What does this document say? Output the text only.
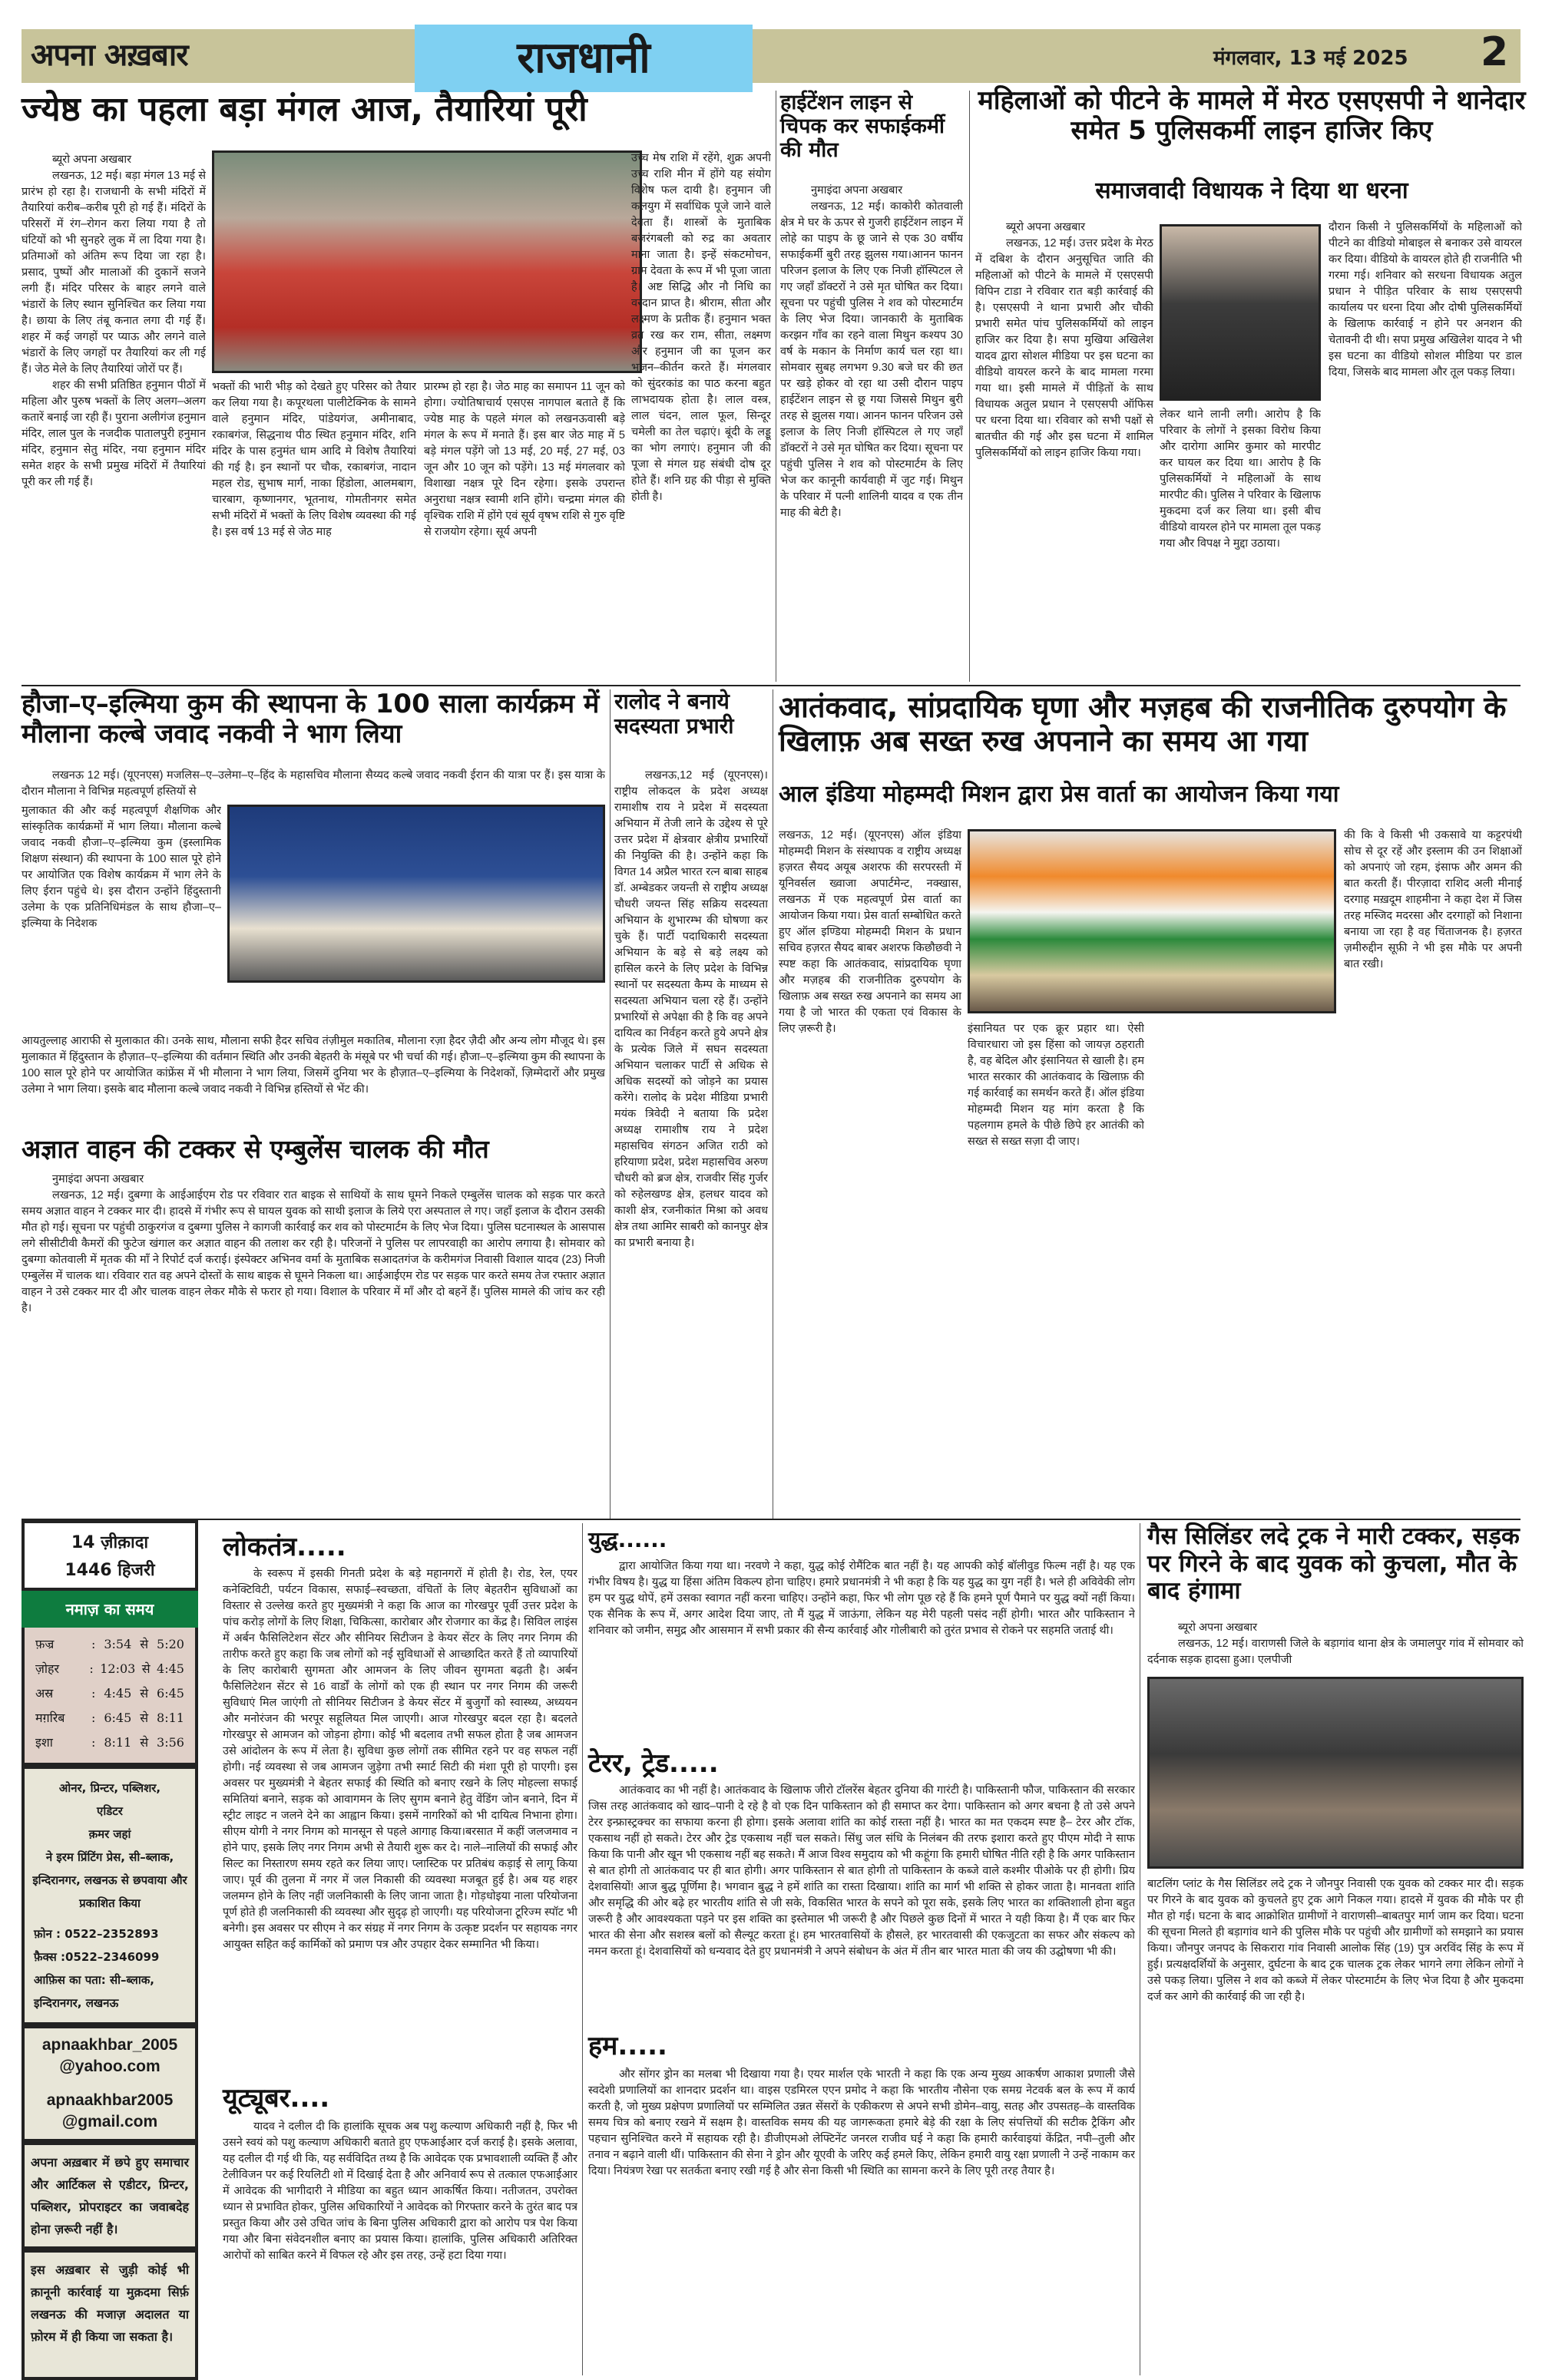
अपना अख़बार	राजधानी	मंगलवार, 13 मई 2025 2
ज्येष्ठ का पहला बड़ा मंगल आज, तैयारियां पूरी
ब्यूरो अपना अखबार
लखनऊ, 12 मई। बड़ा मंगल 13 मई से प्रारंभ हो रहा है। राजधानी के सभी मंदिरों में तैयारियां करीब–करीब पूरी हो गई हैं। मंदिरों के परिसरों में रंग–रोगन करा लिया गया है तो घंटियों को भी सुनहरे लुक में ला दिया गया है। प्रतिमाओं को अंतिम रूप दिया जा रहा है। प्रसाद, पुष्पों और मालाओं की दुकानें सजने लगी हैं। मंदिर परिसर के बाहर लगने वाले भंडारों के लिए स्थान सुनिश्चित कर लिया गया है। छाया के लिए तंबू कनात लगा दी गई हैं। शहर में कई जगहों पर प्याऊ और लगने वाले भंडारों के लिए जगहों पर तैयारियां कर ली गई हैं। जेठ मेले के लिए तैयारियां जोरों पर हैं।
शहर की सभी प्रतिष्ठित हनुमान पीठों में महिला और पुरुष भक्तों के लिए अलग–अलग कतारें बनाई जा रही हैं। पुराना अलीगंज हनुमान मंदिर, लाल पुल के नजदीक पातालपुरी हनुमान मंदिर, हनुमान सेतु मंदिर, नया हनुमान मंदिर समेत शहर के सभी प्रमुख मंदिरों में तैयारियां पूरी कर ली गई हैं।
भक्तों की भारी भीड़ को देखते हुए परिसर को तैयार कर लिया गया है। कपूरथला पालीटेक्निक के सामने वाले हनुमान मंदिर, पांडेयगंज, अमीनाबाद, रकाबगंज, सिद्धनाथ पीठ स्थित हनुमान मंदिर, शनि मंदिर के पास हनुमंत धाम आदि मे विशेष तैयारियां की गई है। इन स्थानों पर चौक, रकाबगंज, नादान महल रोड, सुभाष मार्ग, नाका हिंडोला, आलमबाग, चारबाग, कृष्णानगर, भूतनाथ, गोमतीनगर समेत सभी मंदिरों में भक्तों के लिए विशेष व्यवस्था की गई है। इस वर्ष 13 मई से जेठ माह
प्रारम्भ हो रहा है। जेठ माह का समापन 11 जून को होगा। ज्योतिषाचार्य एसएस नागपाल बताते हैं कि ज्येष्ठ माह के पहले मंगल को लखनऊवासी बड़े मंगल के रूप में मनाते हैं। इस बार जेठ माह में 5 बड़े मंगल पड़ेंगे जो 13 मई, 20 मई, 27 मई, 03 जून और 10 जून को पड़ेंगे। 13 मई मंगलवार को विशाखा नक्षत्र पूरे दिन रहेगा। इसके उपरान्त अनुराधा नक्षत्र स्वामी शनि होंगे। चन्द्रमा मंगल की वृश्चिक राशि में होंगे एवं सूर्य वृषभ राशि से गुरु वृष्टि से राजयोग रहेगा। सूर्य अपनी
उच्च मेष राशि में रहेंगे, शुक्र अपनी उच्च राशि मीन में होंगे यह संयोग विशेष फल दायी है। हनुमान जी कलयुग में सर्वाधिक पूजे जाने वाले देवता हैं। शास्त्रों के मुताबिक बजरंगबली को रुद्र का अवतार माना जाता है। इन्हें संकटमोचन, ग्राम देवता के रूप में भी पूजा जाता है। अष्ट सिद्धि और नौ निधि का वरदान प्राप्त है। श्रीराम, सीता और लक्ष्मण के प्रतीक हैं। हनुमान भक्त व्रत रख कर राम, सीता, लक्ष्मण और हनुमान जी का पूजन कर भजन–कीर्तन करते हैं। मंगलवार को सुंदरकांड का पाठ करना बहुत लाभदायक होता है। लाल वस्त्र, लाल चंदन, लाल फूल, सिन्दूर चमेली का तेल चढ़ाएं। बूंदी के लड्डू का भोग लगाएं। हनुमान जी की पूजा से मंगल ग्रह संबंधी दोष दूर होते हैं। शनि ग्रह की पीड़ा से मुक्ति होती है।
हाईटेंशन लाइन से चिपक कर सफाईकर्मी की मौत
नुमाइंदा अपना अखबार
लखनऊ, 12 मई। काकोरी कोतवाली क्षेत्र मे घर के ऊपर से गुजरी हाईटेंशन लाइन में लोहे का पाइप के छू जाने से एक 30 वर्षीय सफाईकर्मी बुरी तरह झुलस गया।आनन फानन परिजन इलाज के लिए एक निजी हॉस्पिटल ले गए जहाँ डॉक्टरों ने उसे मृत घोषित कर दिया।सूचना पर पहुंची पुलिस ने शव को पोस्टमार्टम के लिए भेज दिया। जानकारी के मुताबिक करझन गाँव का रहने वाला मिथुन कश्यप 30 वर्ष के मकान के निर्माण कार्य चल रहा था। सोमवार सुबह लगभग 9.30 बजे घर की छत पर खड़े होकर वो रहा था उसी दौरान पाइप हाईटेंशन लाइन से छू गया जिससे मिथुन बुरी तरह से झुलस गया। आनन फानन परिजन उसे इलाज के लिए निजी हॉस्पिटल ले गए जहाँ डॉक्टरों ने उसे मृत घोषित कर दिया। सूचना पर पहुंची पुलिस ने शव को पोस्टमार्टम के लिए भेज कर कानूनी कार्यवाही में जुट गई। मिथुन के परिवार में पत्नी शालिनी यादव व एक तीन माह की बेटी है।
महिलाओं को पीटने के मामले में मेरठ एसएसपी ने थानेदार समेत 5 पुलिसकर्मी लाइन हाजिर किए
समाजवादी विधायक ने दिया था धरना
ब्यूरो अपना अखबार
लखनऊ, 12 मई। उत्तर प्रदेश के मेरठ में दबिश के दौरान अनुसूचित जाति की महिलाओं को पीटने के मामले में एसएसपी विपिन टाडा ने रविवार रात बड़ी कार्रवाई की है। एसएसपी ने थाना प्रभारी और चौकी प्रभारी समेत पांच पुलिसकर्मियों को लाइन हाजिर कर दिया है। सपा मुखिया अखिलेश यादव द्वारा सोशल मीडिया पर इस घटना का वीडियो वायरल करने के बाद मामला गरमा गया था। इसी मामले में पीड़ितों के साथ विधायक अतुल प्रधान ने एसएसपी ऑफिस पर धरना दिया था। रविवार को सभी पक्षों से बातचीत की गई और इस घटना में शामिल पुलिसकर्मियों को लाइन हाजिर किया गया।
लेकर थाने लानी लगी। आरोप है कि परिवार के लोगों ने इसका विरोध किया और दारोगा आमिर कुमार को मारपीट कर घायल कर दिया था। आरोप है कि पुलिसकर्मियों ने महिलाओं के साथ मारपीट की। पुलिस ने परिवार के खिलाफ मुकदमा दर्ज कर लिया था। इसी बीच वीडियो वायरल होने पर मामला तूल पकड़ गया और विपक्ष ने मुद्दा उठाया।
दौरान किसी ने पुलिसकर्मियों के महिलाओं को पीटने का वीडियो मोबाइल से बनाकर उसे वायरल कर दिया। वीडियो के वायरल होते ही राजनीति भी गरमा गई। शनिवार को सरधना विधायक अतुल प्रधान ने पीड़ित परिवार के साथ एसएसपी कार्यालय पर धरना दिया और दोषी पुलिसकर्मियों के खिलाफ कार्रवाई न होने पर अनशन की चेतावनी दी थी। सपा प्रमुख अखिलेश यादव ने भी इस घटना का वीडियो सोशल मीडिया पर डाल दिया, जिसके बाद मामला और तूल पकड़ लिया।
हौजा–ए–इल्मिया कुम की स्थापना के 100 साला कार्यक्रम में मौलाना कल्बे जवाद नकवी ने भाग लिया
लखनऊ 12 मई। (यूएनएस) मजलिस–ए–उलेमा–ए–हिंद के महासचिव मौलाना सैय्यद कल्बे जवाद नकवी ईरान की यात्रा पर हैं। इस यात्रा के दौरान मौलाना ने विभिन्न महत्वपूर्ण हस्तियों से
मुलाकात की और कई महत्वपूर्ण शैक्षणिक और सांस्कृतिक कार्यक्रमों में भाग लिया। मौलाना कल्बे जवाद नकवी हौजा–ए–इल्मिया कुम (इस्लामिक शिक्षण संस्थान) की स्थापना के 100 साल पूरे होने पर आयोजित एक विशेष कार्यक्रम में भाग लेने के लिए ईरान पहुंचे थे। इस दौरान उन्होंने हिंदुस्तानी उलेमा के एक प्रतिनिधिमंडल के साथ हौजा–ए–इल्मिया के निदेशक
आयतुल्लाह आराफी से मुलाकात की। उनके साथ, मौलाना सफी हैदर सचिव तंज़ीमुल मकातिब, मौलाना रज़ा हैदर ज़ैदी और अन्य लोग मौजूद थे। इस मुलाकात में हिंदुस्तान के हौज़ात–ए–इल्मिया की वर्तमान स्थिति और उनकी बेहतरी के मंसूबे पर भी चर्चा की गई। हौजा–ए–इल्मिया कुम की स्थापना के 100 साल पूरे होने पर आयोजित कांफ्रेंस में भी मौलाना ने भाग लिया, जिसमें दुनिया भर के हौज़ात–ए–इल्मिया के निदेशकों, ज़िम्मेदारों और प्रमुख उलेमा ने भाग लिया। इसके बाद मौलाना कल्बे जवाद नकवी ने विभिन्न हस्तियों से भेंट की।
रालोद ने बनाये सदस्यता प्रभारी
लखनऊ,12 मई (यूएनएस)। राष्ट्रीय लोकदल के प्रदेश अध्यक्ष रामाशीष राय ने प्रदेश में सदस्यता अभियान में तेजी लाने के उद्देश्य से पूरे उत्तर प्रदेश में क्षेत्रवार क्षेत्रीय प्रभारियों की नियुक्ति की है। उन्होंने कहा कि विगत 14 अप्रैल भारत रत्न बाबा साहब डॉ. अम्बेडकर जयन्ती से राष्ट्रीय अध्यक्ष चौधरी जयन्त सिंह सक्रिय सदस्यता अभियान के शुभारम्भ की घोषणा कर चुके हैं। पार्टी पदाधिकारी सदस्यता अभियान के बड़े से बड़े लक्ष्य को हासिल करने के लिए प्रदेश के विभिन्न स्थानों पर सदस्यता कैम्प के माध्यम से सदस्यता अभियान चला रहे हैं। उन्होंने प्रभारियों से अपेक्षा की है कि वह अपने दायित्व का निर्वहन करते हुये अपने क्षेत्र के प्रत्येक जिले में सघन सदस्यता अभियान चलाकर पार्टी से अधिक से अधिक सदस्यों को जोड़ने का प्रयास करेंगे। रालोद के प्रदेश मीडिया प्रभारी मयंक त्रिवेदी ने बताया कि प्रदेश अध्यक्ष रामाशीष राय ने प्रदेश महासचिव संगठन अजित राठी को हरियाणा प्रदेश, प्रदेश महासचिव अरुण चौधरी को ब्रज क्षेत्र, राजवीर सिंह गुर्जर को रुहेलखण्ड क्षेत्र, हलधर यादव को काशी क्षेत्र, रजनीकांत मिश्रा को अवध क्षेत्र तथा आमिर साबरी को कानपुर क्षेत्र का प्रभारी बनाया है।
अज्ञात वाहन की टक्कर से एम्बुलेंस चालक की मौत
नुमाइंदा अपना अखबार
लखनऊ, 12 मई। दुबग्गा के आईआईएम रोड पर रविवार रात बाइक से साथियों के साथ घूमने निकले एम्बुलेंस चालक को सड़क पार करते समय अज्ञात वाहन ने टक्कर मार दी। हादसे में गंभीर रूप से घायल युवक को साथी इलाज के लिये एरा अस्पताल ले गए। जहाँ इलाज के दौरान उसकी मौत हो गई। सूचना पर पहुंची ठाकुरगंज व दुबग्गा पुलिस ने कागजी कार्रवाई कर शव को पोस्टमार्टम के लिए भेज दिया। पुलिस घटनास्थल के आसपास लगे सीसीटीवी कैमरों की फुटेज खंगाल कर अज्ञात वाहन की तलाश कर रही है। परिजनों ने पुलिस पर लापरवाही का आरोप लगाया है। सोमवार को दुबग्गा कोतवाली में मृतक की माँ ने रिपोर्ट दर्ज कराई। इंस्पेक्टर अभिनव वर्मा के मुताबिक सआदतगंज के करीमगंज निवासी विशाल यादव (23) निजी एम्बुलेंस में चालक था। रविवार रात वह अपने दोस्तों के साथ बाइक से घूमने निकला था। आईआईएम रोड पर सड़क पार करते समय तेज रफ्तार अज्ञात वाहन ने उसे टक्कर मार दी और चालक वाहन लेकर मौके से फरार हो गया। विशाल के परिवार में माँ और दो बहनें हैं। पुलिस मामले की जांच कर रही है।
आतंकवाद, सांप्रदायिक घृणा और मज़हब की राजनीतिक दुरुपयोग के खिलाफ़ अब सख्त रुख अपनाने का समय आ गया
आल इंडिया मोहम्मदी मिशन द्वारा प्रेस वार्ता का आयोजन किया गया
लखनऊ, 12 मई। (यूएनएस) ऑल इंडिया मोहम्मदी मिशन के संस्थापक व राष्ट्रीय अध्यक्ष हज़रत सैयद अयूब अशरफ की सरपरस्ती में यूनिवर्सल ख्वाजा अपार्टमेन्ट, नक्खास, लखनऊ में एक महत्वपूर्ण प्रेस वार्ता का आयोजन किया गया। प्रेस वार्ता सम्बोधित करते हुए ऑल इण्डिया मोहम्मदी मिशन के प्रधान सचिव हज़रत सैयद बाबर अशरफ किछौछवी ने स्पष्ट कहा कि आतंकवाद, सांप्रदायिक घृणा और मज़हब की राजनीतिक दुरुपयोग के खिलाफ़ अब सख्त रुख अपनाने का समय आ गया है जो भारत की एकता एवं विकास के लिए ज़रूरी है।	इंसानियत पर एक क्रूर प्रहार था। ऐसी विचारधारा जो इस हिंसा को जायज़ ठहराती है, वह बेदिल और इंसानियत से खाली है। हम भारत सरकार की आतंकवाद के खिलाफ़ की गई कार्रवाई का समर्थन करते हैं। ऑल इंडिया मोहम्मदी मिशन यह मांग करता है कि पहलगाम हमले के पीछे छिपे हर आतंकी को सख्त से सख्त सज़ा दी जाए।
की कि वे किसी भी उकसावे या कट्टरपंथी सोच से दूर रहें और इस्लाम की उन शिक्षाओं को अपनाएं जो रहम, इंसाफ और अमन की बात करती हैं। पीरज़ादा राशिद अली मीनाई दरगाह मख़दूम शाहमीना ने कहा देश में जिस तरह मस्जिद मदरसा और दरगाहों को निशाना बनाया जा रहा है वह चिंताजनक है। हज़रत ज़मीरुद्दीन सूफ़ी ने भी इस मौके पर अपनी बात रखी।
14 ज़ीक़ादा
1446 हिजरी
नमाज़ का समय
फ़ज्र	: 3:54 से 5:20
ज़ोहर	: 12:03 से 4:45
अस्र	: 4:45 से 6:45
मग़रिब	: 6:45 से 8:11
इशा	: 8:11 से 3:56
ओनर, प्रिन्टर, पब्लिशर,
एडिटर
क़मर जहां
ने इरम प्रिंटिंग प्रेस, सी–ब्लाक, इन्दिरानगर, लखनऊ से छपवाया और प्रकाशित किया
फ़ोन : 0522–2352893
फ़ैक्स :0522–2346099
आफ़िस का पता: सी–ब्लाक, इन्दिरानगर, लखनऊ
apnaakhbar_2005
@yahoo.com
apnaakhbar2005
@gmail.com
अपना अख़बार में छपे हुए समाचार और आर्टिकल से एडीटर, प्रिन्टर, पब्लिशर, प्रोपराइटर का जवाबदेह होना ज़रूरी नहीं है।
इस अख़बार से जुड़ी कोई भी क़ानूनी कार्रवाई या मुक़दमा सिर्फ़ लखनऊ की मजाज़ अदालत या फ़ोरम में ही किया जा सकता है।
लोकतंत्र.....
के स्वरूप में इसकी गिनती प्रदेश के बड़े महानगरों में होती है। रोड, रेल, एयर कनेक्टिविटी, पर्यटन विकास, सफाई–स्वच्छता, वंचितों के लिए बेहतरीन सुविधाओं का विस्तार से उल्लेख करते हुए मुख्यमंत्री ने कहा कि आज का गोरखपुर पूर्वी उत्तर प्रदेश के पांच करोड़ लोगों के लिए शिक्षा, चिकित्सा, कारोबार और रोजगार का केंद्र है। सिविल लाइंस में अर्बन फैसिलिटेशन सेंटर और सीनियर सिटीजन डे केयर सेंटर के लिए नगर निगम की तारीफ करते हुए कहा कि जब लोगों को नई सुविधाओं से आच्छादित करते हैं तो व्यापारियों के लिए कारोबारी सुगमता और आमजन के लिए जीवन सुगमता बढ़ती है। अर्बन फैसिलिटेशन सेंटर से 16 वार्डों के लोगों को एक ही स्थान पर नगर निगम की जरूरी सुविधाएं मिल जाएंगी तो सीनियर सिटीजन डे केयर सेंटर में बुजुर्गों को स्वास्थ्य, अध्ययन और मनोरंजन की भरपूर सहूलियत मिल जाएगी। आज गोरखपुर बदल रहा है। बदलते गोरखपुर से आमजन को जोड़ना होगा। कोई भी बदलाव तभी सफल होता है जब आमजन उसे आंदोलन के रूप में लेता है। सुविधा कुछ लोगों तक सीमित रहने पर वह सफल नहीं होगी। नई व्यवस्था से जब आमजन जुड़ेगा तभी स्मार्ट सिटी की मंशा पूरी हो पाएगी। इस अवसर पर मुख्यमंत्री ने बेहतर सफाई की स्थिति को बनाए रखने के लिए मोहल्ला सफाई समितियां बनाने, सड़क को आवागमन के लिए सुगम बनाने हेतु वेंडिंग जोन बनाने, दिन में स्ट्रीट लाइट न जलने देने का आह्वान किया। इसमें नागरिकों को भी दायित्व निभाना होगा। सीएम योगी ने नगर निगम को मानसून से पहले आगाह किया।बरसात में कहीं जलजमाव न होने पाए, इसके लिए नगर निगम अभी से तैयारी शुरू कर दे। नाले–नालियों की सफाई और सिल्ट का निस्तारण समय रहते कर लिया जाए। प्लास्टिक पर प्रतिबंध कड़ाई से लागू किया जाए। पूर्व की तुलना में नगर में जल निकासी की व्यवस्था मजबूत हुई है। अब यह शहर जलमग्न होने के लिए नहीं जलनिकासी के लिए जाना जाता है। गोड़धोइया नाला परियोजना पूर्ण होते ही जलनिकासी की व्यवस्था और सुदृढ़ हो जाएगी। यह परियोजना टूरिज्म स्पॉट भी बनेगी। इस अवसर पर सीएम ने कर संग्रह में नगर निगम के उत्कृष्ट प्रदर्शन पर सहायक नगर आयुक्त सहित कई कार्मिकों को प्रमाण पत्र और उपहार देकर सम्मानित भी किया।
यूट्यूबर....
यादव ने दलील दी कि हालांकि सूचक अब पशु कल्याण अधिकारी नहीं है, फिर भी उसने स्वयं को पशु कल्याण अधिकारी बताते हुए एफआईआर दर्ज कराई है। इसके अलावा, यह दलील दी गई थी कि, यह सर्वविदित तथ्य है कि आवेदक एक प्रभावशाली व्यक्ति हैं और टेलीविजन पर कई रियलिटी शो में दिखाई देता है और अनिवार्य रूप से तत्काल एफआईआर में आवेदक की भागीदारी ने मीडिया का बहुत ध्यान आकर्षित किया। नतीजतन, उपरोक्त ध्यान से प्रभावित होकर, पुलिस अधिकारियों ने आवेदक को गिरफ्तार करने के तुरंत बाद पत्र प्रस्तुत किया और उसे उचित जांच के बिना पुलिस अधिकारी द्वारा को आरोप पत्र पेश किया गया और बिना संवेदनशील बनाए का प्रयास किया। हालांकि, पुलिस अधिकारी अतिरिक्त आरोपों को साबित करने में विफल रहे और इस तरह, उन्हें हटा दिया गया।
युद्ध......
द्वारा आयोजित किया गया था। नरवणे ने कहा, युद्ध कोई रोमैंटिक बात नहीं है। यह आपकी कोई बॉलीवुड फिल्म नहीं है। यह एक गंभीर विषय है। युद्ध या हिंसा अंतिम विकल्प होना चाहिए। हमारे प्रधानमंत्री ने भी कहा है कि यह युद्ध का युग नहीं है। भले ही अविवेकी लोग हम पर युद्ध थोपें, हमें उसका स्वागत नहीं करना चाहिए। उन्होंने कहा, फिर भी लोग पूछ रहे हैं कि हमने पूर्ण पैमाने पर युद्ध क्यों नहीं किया। एक सैनिक के रूप में, अगर आदेश दिया जाए, तो मैं युद्ध में जाऊंगा, लेकिन यह मेरी पहली पसंद नहीं होगी। भारत और पाकिस्तान ने शनिवार को जमीन, समुद्र और आसमान में सभी प्रकार की सैन्य कार्रवाई और गोलीबारी को तुरंत प्रभाव से रोकने पर सहमति जताई थी।
टेरर, ट्रेड.....
आतंकवाद का भी नहीं है। आतंकवाद के खिलाफ जीरो टॉलरेंस बेहतर दुनिया की गारंटी है। पाकिस्तानी फौज, पाकिस्तान की सरकार जिस तरह आतंकवाद को खाद–पानी दे रहे है वो एक दिन पाकिस्तान को ही समाप्त कर देगा। पाकिस्तान को अगर बचना है तो उसे अपने टेरर इन्फ्रास्ट्रक्चर का सफाया करना ही होगा। इसके अलावा शांति का कोई रास्ता नहीं है। भारत का मत एकदम स्पष्ट है– टेरर और टॉक, एकसाथ नहीं हो सकते। टेरर और ट्रेड एकसाथ नहीं चल सकते। सिंधु जल संधि के निलंबन की तरफ इशारा करते हुए पीएम मोदी ने साफ किया कि पानी और खून भी एकसाथ नहीं बह सकते। मैं आज विश्व समुदाय को भी कहूंगा कि हमारी घोषित नीति रही है कि अगर पाकिस्तान से बात होगी तो आतंकवाद पर ही बात होगी। अगर पाकिस्तान से बात होगी तो पाकिस्तान के कब्जे वाले कश्मीर पीओके पर ही होगी। प्रिय देशवासियों! आज बुद्ध पूर्णिमा है। भगवान बुद्ध ने हमें शांति का रास्ता दिखाया। शांति का मार्ग भी शक्ति से होकर जाता है। मानवता शांति और समृद्धि की ओर बढ़े हर भारतीय शांति से जी सके, विकसित भारत के सपने को पूरा सके, इसके लिए भारत का शक्तिशाली होना बहुत जरूरी है और आवश्यकता पड़ने पर इस शक्ति का इस्तेमाल भी जरूरी है और पिछले कुछ दिनों में भारत ने यही किया है। मैं एक बार फिर भारत की सेना और सशस्त्र बलों को सैल्यूट करता हूं। हम भारतवासियों के हौसले, हर भारतवासी की एकजुटता का सफर और संकल्प को नमन करता हूं। देशवासियों को धन्यवाद देते हुए प्रधानमंत्री ने अपने संबोधन के अंत में तीन बार भारत माता की जय की उद्घोषणा भी की।
हम.....
और सोंगर ड्रोन का मलबा भी दिखाया गया है। एयर मार्शल एके भारती ने कहा कि एक अन्य मुख्य आकर्षण आकाश प्रणाली जैसे स्वदेशी प्रणालियों का शानदार प्रदर्शन था। वाइस एडमिरल एएन प्रमोद ने कहा कि भारतीय नौसेना एक समग्र नेटवर्क बल के रूप में कार्य करती है, जो मुख्य प्रक्षेपण प्रणालियों पर सम्मिलित उन्नत सेंसरों के एकीकरण से अपने सभी डोमेन–वायु, सतह और उपसतह–के वास्तविक समय चित्र को बनाए रखने में सक्षम है। वास्तविक समय की यह जागरूकता हमारे बेड़े की रक्षा के लिए संपत्तियों की सटीक ट्रैकिंग और पहचान सुनिश्चित करने में सहायक रही है। डीजीएमओ लेफ्टिनेंट जनरल राजीव घई ने कहा कि हमारी कार्रवाइयां केंद्रित, नपी–तुली और तनाव न बढ़ाने वाली थीं। पाकिस्तान की सेना ने ड्रोन और यूएवी के जरिए कई हमले किए, लेकिन हमारी वायु रक्षा प्रणाली ने उन्हें नाकाम कर दिया। नियंत्रण रेखा पर सतर्कता बनाए रखी गई है और सेना किसी भी स्थिति का सामना करने के लिए पूरी तरह तैयार है।
गैस सिलिंडर लदे ट्रक ने मारी टक्कर, सड़क पर गिरने के बाद युवक को कुचला, मौत के बाद हंगामा
ब्यूरो अपना अखबार
लखनऊ, 12 मई। वाराणसी जिले के बड़ागांव थाना क्षेत्र के जमालपुर गांव में सोमवार को दर्दनाक सड़क हादसा हुआ। एलपीजी
बाटलिंग प्लांट के गैस सिलिंडर लदे ट्रक ने जौनपुर निवासी एक युवक को टक्कर मार दी। सड़क पर गिरने के बाद युवक को कुचलते हुए ट्रक आगे निकल गया। हादसे में युवक की मौके पर ही मौत हो गई। घटना के बाद आक्रोशित ग्रामीणों ने वाराणसी–बाबतपुर मार्ग जाम कर दिया। घटना की सूचना मिलते ही बड़ागांव थाने की पुलिस मौके पर पहुंची और ग्रामीणों को समझाने का प्रयास किया। जौनपुर जनपद के सिकरारा गांव निवासी आलोक सिंह (19) पुत्र अरविंद सिंह के रूप में हुई। प्रत्यक्षदर्शियों के अनुसार, दुर्घटना के बाद ट्रक चालक ट्रक लेकर भागने लगा लेकिन लोगों ने उसे पकड़ लिया। पुलिस ने शव को कब्जे में लेकर पोस्टमार्टम के लिए भेज दिया है और मुकदमा दर्ज कर आगे की कार्रवाई की जा रही है।
